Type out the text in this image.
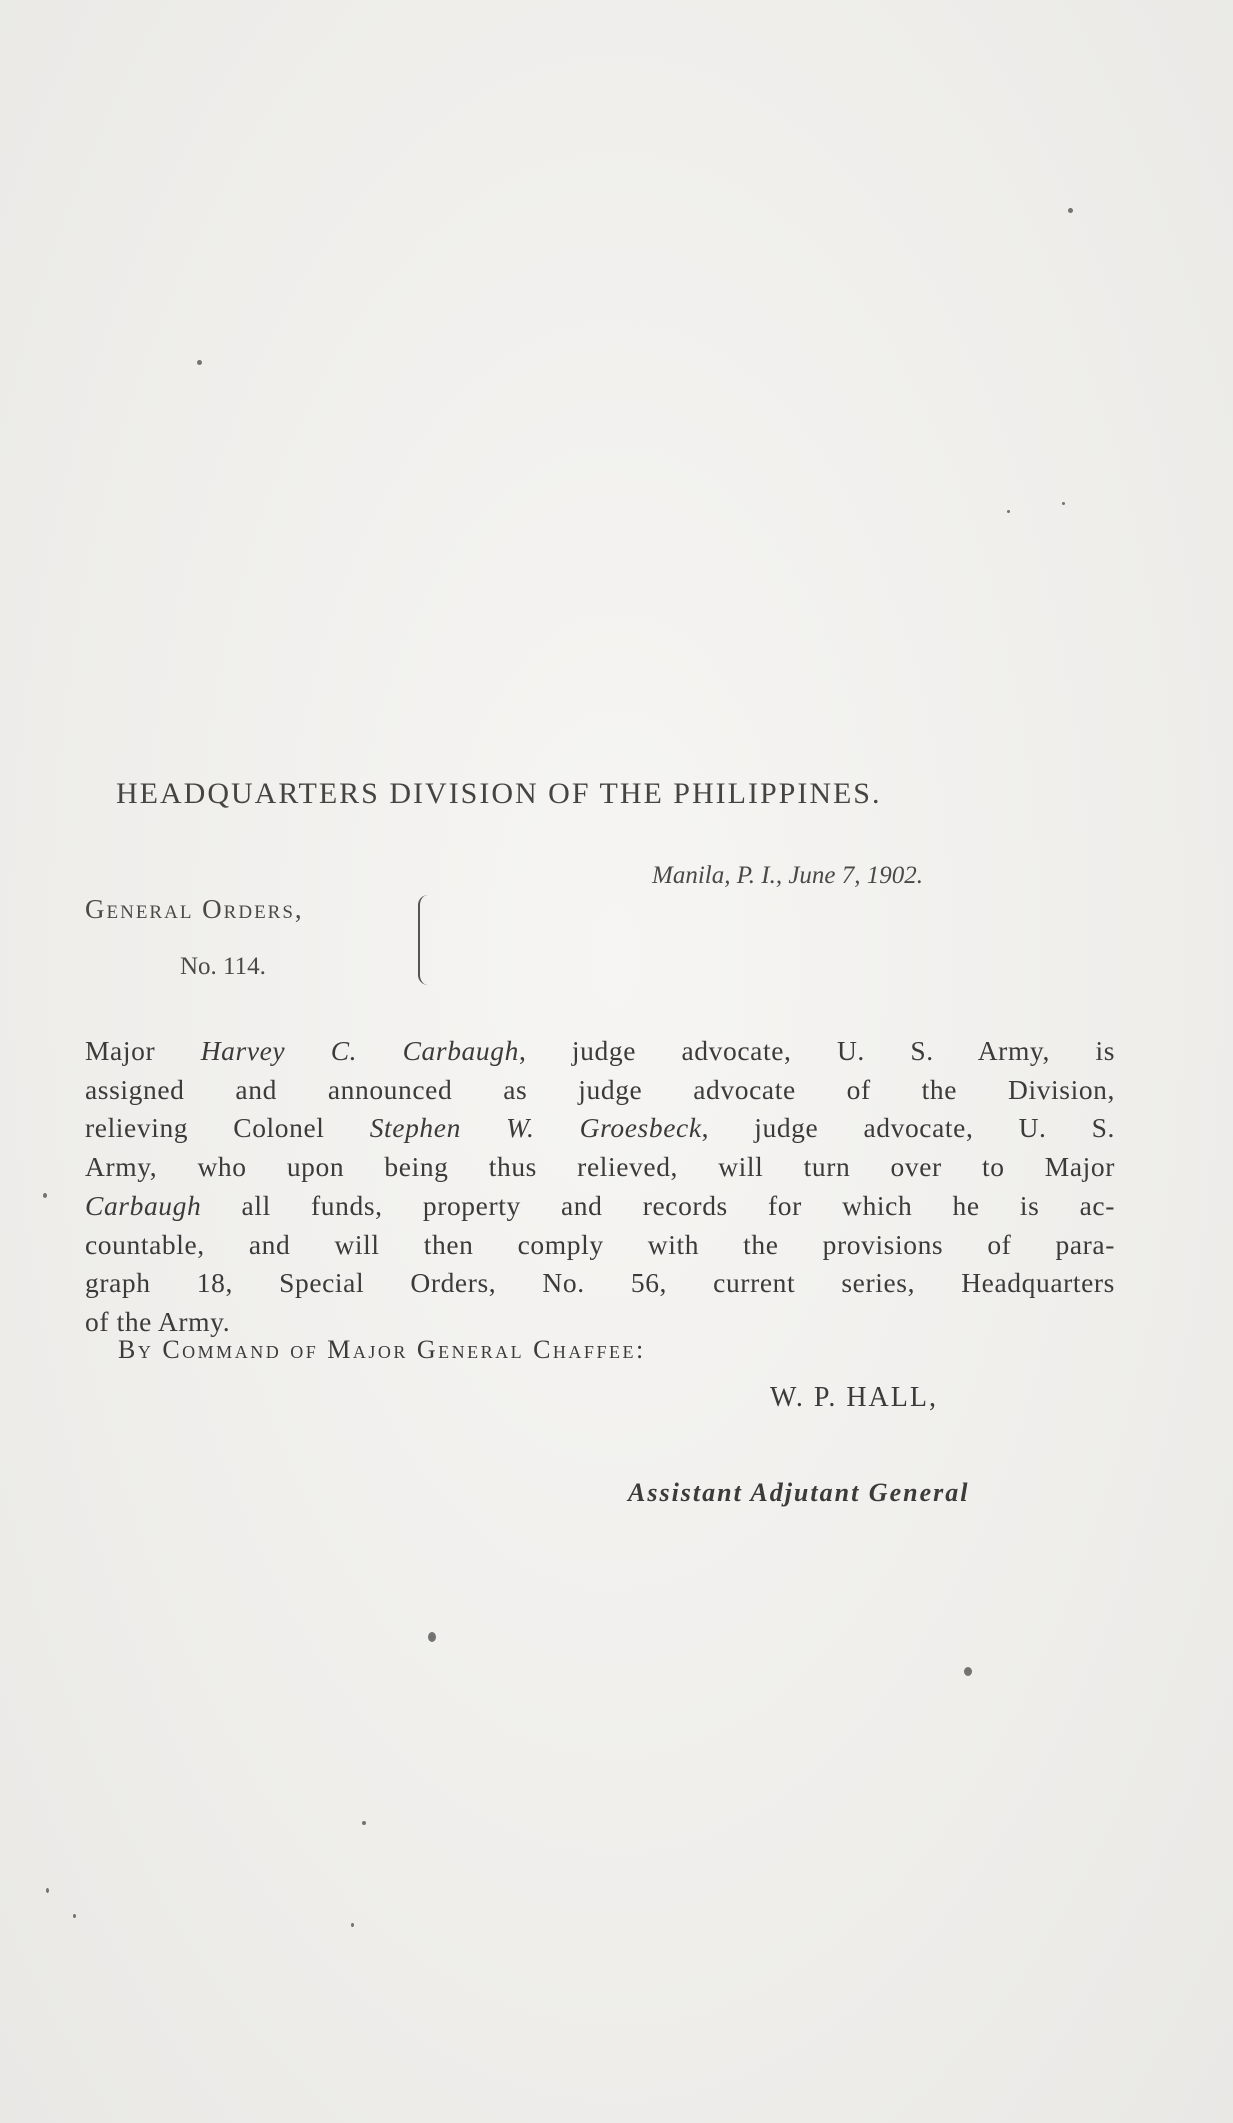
HEADQUARTERS DIVISION OF THE PHILIPPINES.
Manila, P. I., June 7, 1902.
General Orders,
No. 114.
Major Harvey C. Carbaugh, judge advocate, U. S. Army, is
assigned and announced as judge advocate of the Division,
relieving Colonel Stephen W. Groesbeck, judge advocate, U. S.
Army, who upon being thus relieved, will turn over to Major
Carbaugh all funds, property and records for which he is ac-
countable, and will then comply with the provisions of para-
graph 18, Special Orders, No. 56, current series, Headquarters
of the Army.
By Command of Major General Chaffee:
W. P. HALL,
Assistant Adjutant General
